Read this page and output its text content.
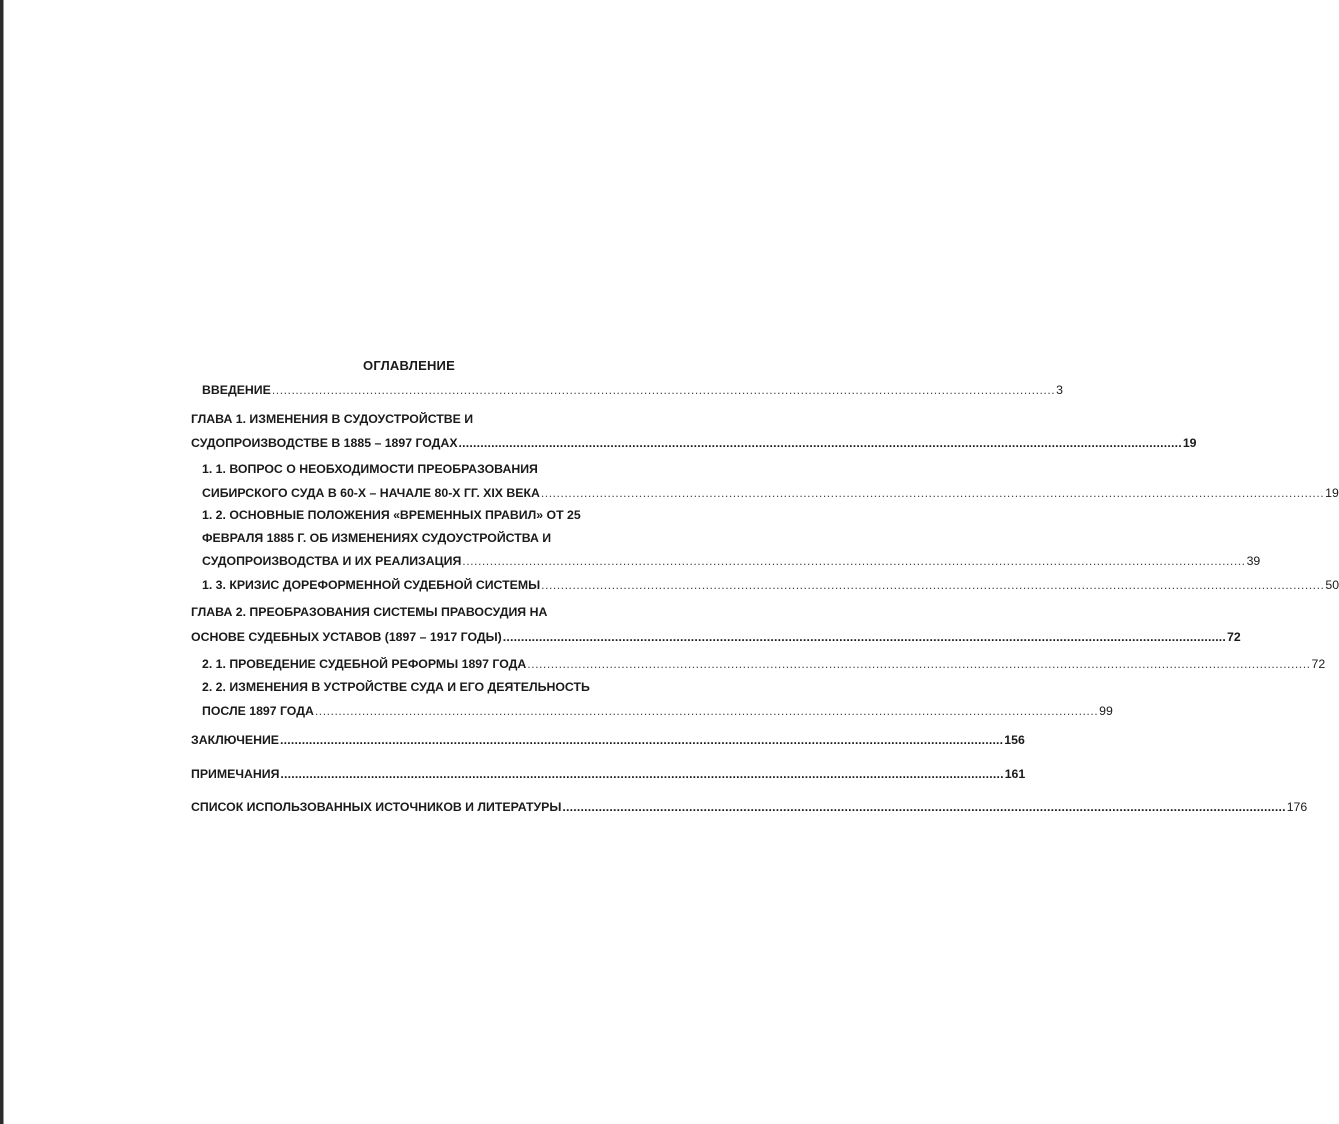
ОГЛАВЛЕНИЕ
ВВЕДЕНИЕ ........................................................................................................................................................................................................ 3
ГЛАВА 1. ИЗМЕНЕНИЯ В СУДОУСТРОЙСТВЕ И
СУДОПРОИЗВОДСТВЕ В 1885 – 1897 ГОДАХ ........................................................................................................................................................................................................ 19
1. 1. ВОПРОС О НЕОБХОДИМОСТИ ПРЕОБРАЗОВАНИЯ
СИБИРСКОГО СУДА В 60-Х – НАЧАЛЕ 80-Х ГГ. XIX ВЕКА ........................................................................................................................................................................................................ 19
1. 2. ОСНОВНЫЕ ПОЛОЖЕНИЯ «ВРЕМЕННЫХ ПРАВИЛ» ОТ 25
ФЕВРАЛЯ 1885 Г. ОБ ИЗМЕНЕНИЯХ СУДОУСТРОЙСТВА И
СУДОПРОИЗВОДСТВА И ИХ РЕАЛИЗАЦИЯ ........................................................................................................................................................................................................ 39
1. 3. КРИЗИС ДОРЕФОРМЕННОЙ СУДЕБНОЙ СИСТЕМЫ ........................................................................................................................................................................................................ 50
ГЛАВА 2. ПРЕОБРАЗОВАНИЯ СИСТЕМЫ ПРАВОСУДИЯ НА
ОСНОВЕ СУДЕБНЫХ УСТАВОВ (1897 – 1917 ГОДЫ) ........................................................................................................................................................................................................ 72
2. 1. ПРОВЕДЕНИЕ СУДЕБНОЙ РЕФОРМЫ 1897 ГОДА ........................................................................................................................................................................................................ 72
2. 2. ИЗМЕНЕНИЯ В УСТРОЙСТВЕ СУДА И ЕГО ДЕЯТЕЛЬНОСТЬ
ПОСЛЕ 1897 ГОДА ........................................................................................................................................................................................................ 99
ЗАКЛЮЧЕНИЕ ........................................................................................................................................................................................................ 156
ПРИМЕЧАНИЯ ........................................................................................................................................................................................................ 161
СПИСОК ИСПОЛЬЗОВАННЫХ ИСТОЧНИКОВ И ЛИТЕРАТУРЫ ........................................................................................................................................................................................................ 176
